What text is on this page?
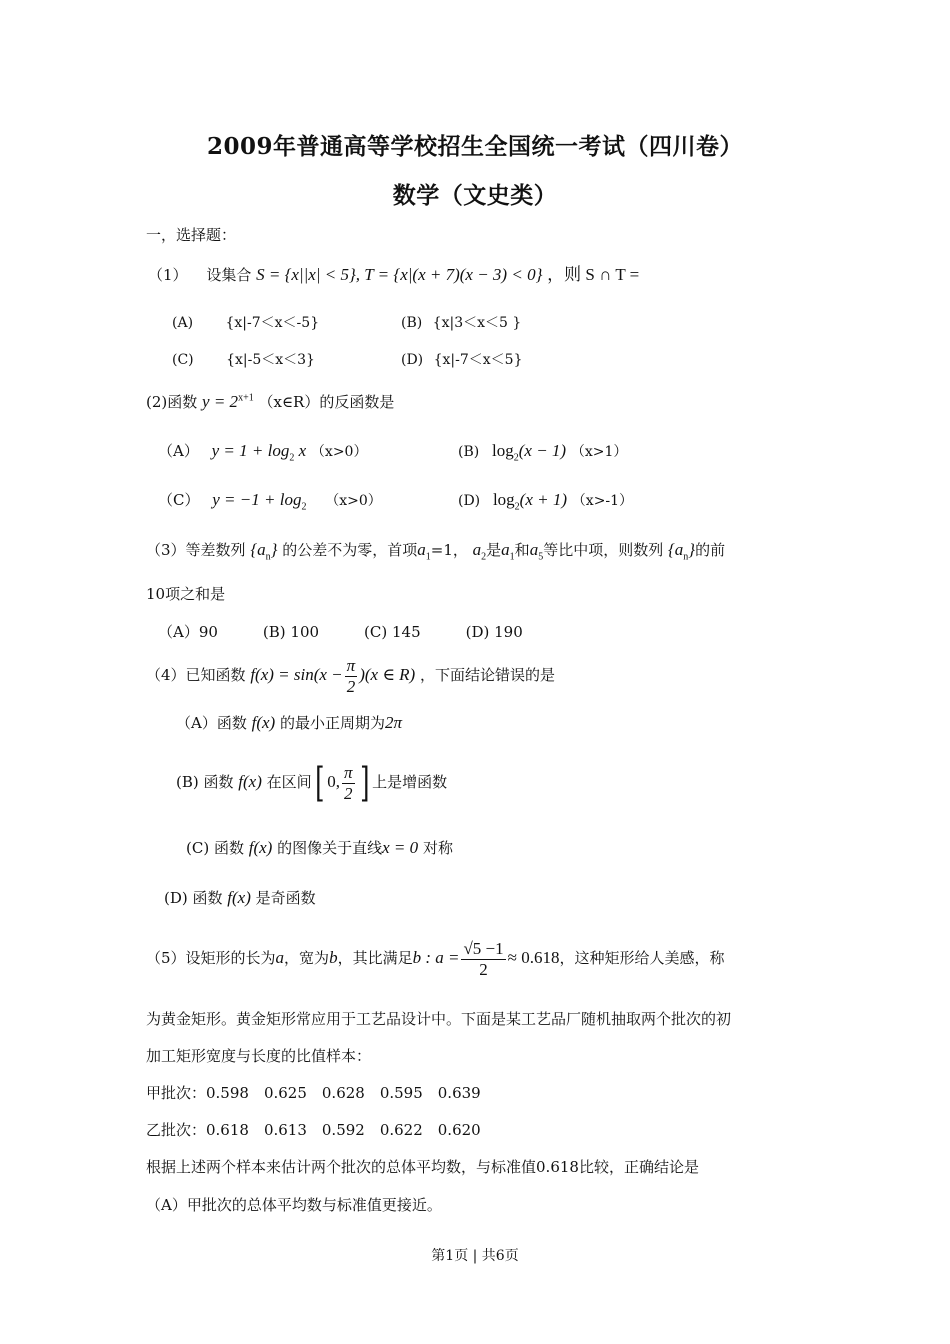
2009年普通高等学校招生全国统一考试（四川卷）
数学（文史类）
一，选择题：
（1） 设集合 S = {x||x| < 5}, T = {x|(x + 7)(x − 3) < 0} ，则 S ∩ T =
(A) {x|-7＜x＜-5}	(B) {x|3＜x＜5 }
(C) {x|-5＜x＜3}	(D) {x|-7＜x＜5}
(2)函数 $y = 2^{x+1}$ （x∈R）的反函数是
（A） $y = 1 + \log_2 x$ （x>0）	(B) $\log_2(x - 1)$ （x>1）
（C） $y = -1 + \log_2 (x>0)$	(D) $\log_2(x + 1)$ （x>-1）
（3）等差数列 $\{a_n\}$ 的公差不为零，首项$a_1=1$， $a_2$是$a_1$和$a_5$等比中项，则数列 $\{a_n\}$的前
10项之和是
（A）90　　　(B) 100　　　(C) 145　　　(D) 190
（4）已知函数 $f(x) = \sin(x - \frac{\pi}{2} )(x$ ∈ R) ，下面结论错误的是
（A）函数 f(x) 的最小正周期为2π
(B) 函数 f(x) 在区间[ 0, $\frac{\pi}{2}$ ] 上是增函数
(C) 函数 f(x) 的图像关于直线x = 0 对称
(D) 函数 f(x) 是奇函数
（5）设矩形的长为a，宽为b，其比满足b : $a = \frac{√5 -1}{2} \approx 0.618$，这种矩形给人美感，称
为黄金矩形。黄金矩形常应用于工艺品设计中。下面是某工艺品厂随机抽取两个批次的初
加工矩形宽度与长度的比值样本：
甲批次：0.598　0.625　0.628　0.595　0.639
乙批次：0.618　0.613　0.592　0.622　0.620
根据上述两个样本来估计两个批次的总体平均数，与标准值0.618比较，正确结论是
（A）甲批次的总体平均数与标准值更接近。
第1页 | 共6页
